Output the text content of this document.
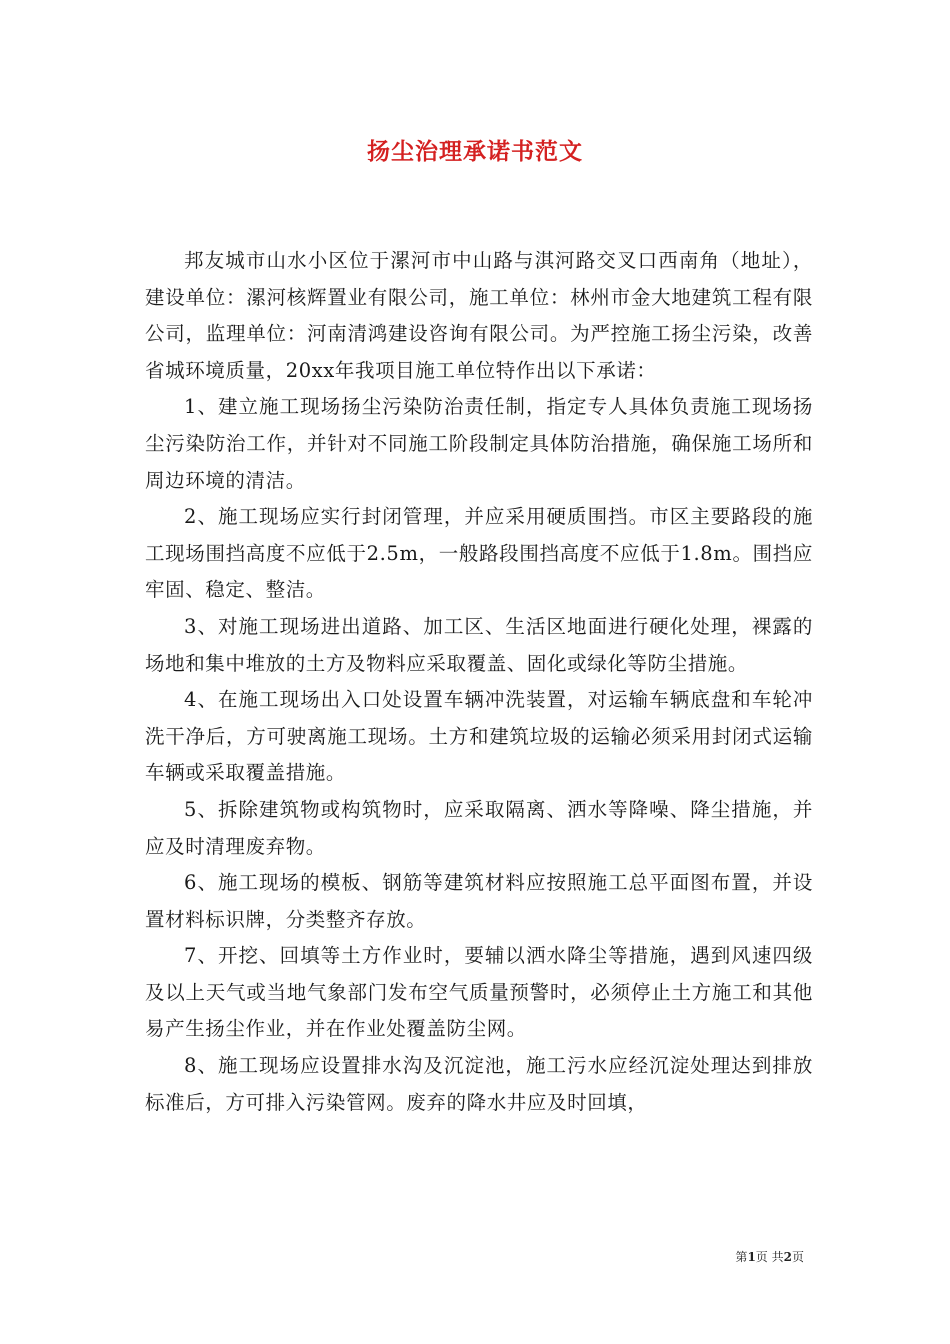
扬尘治理承诺书范文

邦友城市山水小区位于漯河市中山路与淇河路交叉口西南角（地址），建设单位：漯河核辉置业有限公司，施工单位：林州市金大地建筑工程有限公司，监理单位：河南清鸿建设咨询有限公司。为严控施工扬尘污染，改善省城环境质量，20xx年我项目施工单位特作出以下承诺：

1、建立施工现场扬尘污染防治责任制，指定专人具体负责施工现场扬尘污染防治工作，并针对不同施工阶段制定具体防治措施，确保施工场所和周边环境的清洁。

2、施工现场应实行封闭管理，并应采用硬质围挡。市区主要路段的施工现场围挡高度不应低于2.5m，一般路段围挡高度不应低于1.8m。围挡应牢固、稳定、整洁。

3、对施工现场进出道路、加工区、生活区地面进行硬化处理，裸露的场地和集中堆放的土方及物料应采取覆盖、固化或绿化等防尘措施。

4、在施工现场出入口处设置车辆冲洗装置，对运输车辆底盘和车轮冲洗干净后，方可驶离施工现场。土方和建筑垃圾的运输必须采用封闭式运输车辆或采取覆盖措施。

5、拆除建筑物或构筑物时，应采取隔离、洒水等降噪、降尘措施，并应及时清理废弃物。

6、施工现场的模板、钢筋等建筑材料应按照施工总平面图布置，并设置材料标识牌，分类整齐存放。

7、开挖、回填等土方作业时，要辅以洒水降尘等措施，遇到风速四级及以上天气或当地气象部门发布空气质量预警时，必须停止土方施工和其他易产生扬尘作业，并在作业处覆盖防尘网。

8、施工现场应设置排水沟及沉淀池，施工污水应经沉淀处理达到排放标准后，方可排入污染管网。废弃的降水井应及时回填，

第1页 共2页
